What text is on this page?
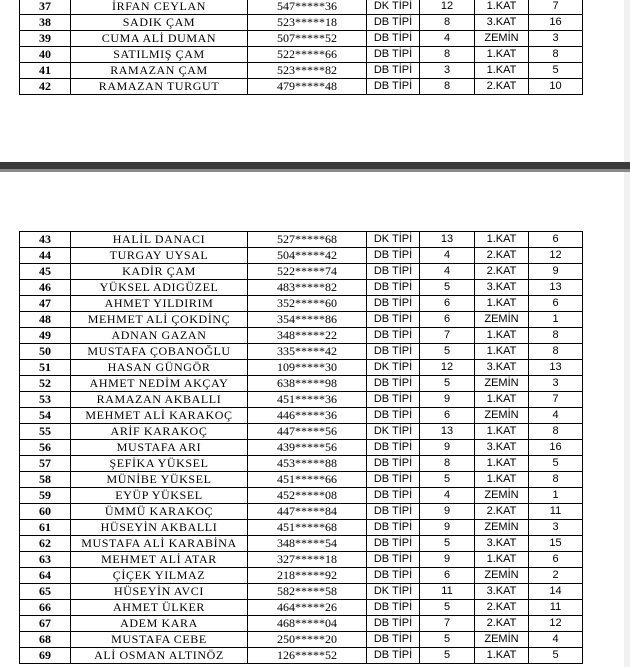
37	İRFAN CEYLAN	547*****36	DK TİPİ	12	1.KAT	7
38	SADIK ÇAM	523*****18	DB TİPİ	8	3.KAT	16
39	CUMA ALİ DUMAN	507*****52	DB TİPİ	4	ZEMİN	3
40	SATILMIŞ ÇAM	522*****66	DB TİPİ	8	1.KAT	8
41	RAMAZAN ÇAM	523*****82	DB TİPİ	3	1.KAT	5
42	RAMAZAN TURGUT	479*****48	DB TİPİ	8	2.KAT	10
43	HALİL DANACI	527*****68	DK TİPİ	13	1.KAT	6
44	TURGAY UYSAL	504*****42	DB TİPİ	4	2.KAT	12
45	KADİR ÇAM	522*****74	DB TİPİ	4	2.KAT	9
46	YÜKSEL ADIGÜZEL	483*****82	DB TİPİ	5	3.KAT	13
47	AHMET YILDIRIM	352*****60	DB TİPİ	6	1.KAT	6
48	MEHMET ALİ ÇOKDİNÇ	354*****86	DB TİPİ	6	ZEMİN	1
49	ADNAN GAZAN	348*****22	DB TİPİ	7	1.KAT	8
50	MUSTAFA ÇOBANOĞLU	335*****42	DB TİPİ	5	1.KAT	8
51	HASAN GÜNGÖR	109*****30	DK TİPİ	12	3.KAT	13
52	AHMET NEDİM AKÇAY	638*****98	DB TİPİ	5	ZEMİN	3
53	RAMAZAN AKBALLI	451*****36	DB TİPİ	9	1.KAT	7
54	MEHMET ALİ KARAKOÇ	446*****36	DB TİPİ	6	ZEMİN	4
55	ARİF KARAKOÇ	447*****56	DK TİPİ	13	1.KAT	8
56	MUSTAFA ARI	439*****56	DB TİPİ	9	3.KAT	16
57	ŞEFİKA YÜKSEL	453*****88	DB TİPİ	8	1.KAT	5
58	MÜNİBE YÜKSEL	451*****66	DB TİPİ	5	1.KAT	8
59	EYÜP YÜKSEL	452*****08	DB TİPİ	4	ZEMİN	1
60	ÜMMÜ KARAKOÇ	447*****84	DB TİPİ	9	2.KAT	11
61	HÜSEYİN AKBALLI	451*****68	DB TİPİ	9	ZEMİN	3
62	MUSTAFA ALİ KARABİNA	348*****54	DB TİPİ	5	3.KAT	15
63	MEHMET ALİ ATAR	327*****18	DB TİPİ	9	1.KAT	6
64	ÇİÇEK YILMAZ	218*****92	DB TİPİ	6	ZEMİN	2
65	HÜSEYİN AVCI	582*****58	DK TİPİ	11	3.KAT	14
66	AHMET ÜLKER	464*****26	DB TİPİ	5	2.KAT	11
67	ADEM KARA	468*****04	DB TİPİ	7	2.KAT	12
68	MUSTAFA CEBE	250*****20	DB TİPİ	5	ZEMİN	4
69	ALİ OSMAN ALTINÖZ	126*****52	DB TİPİ	5	1.KAT	5
